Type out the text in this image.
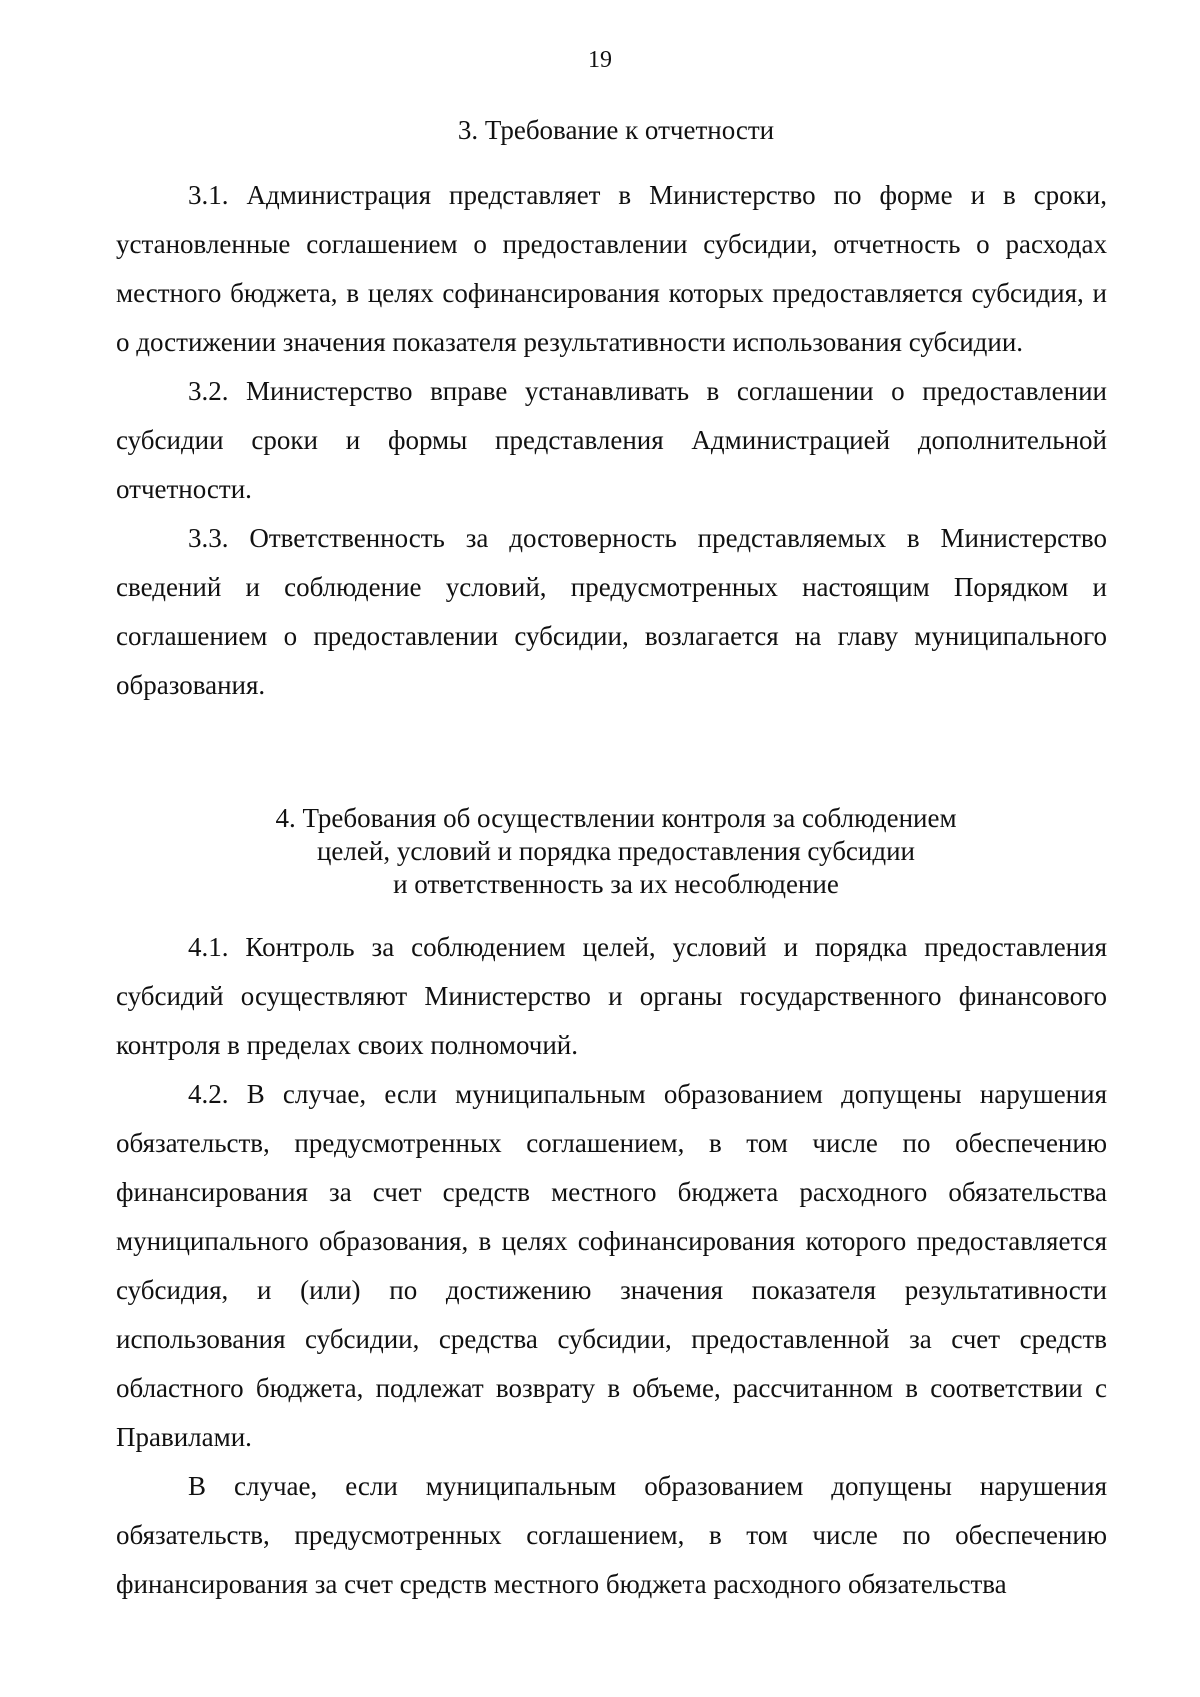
19
3. Требование к отчетности

3.1. Администрация представляет в Министерство по форме и в сроки, установленные соглашением о предоставлении субсидии, отчетность о расходах местного бюджета, в целях софинансирования которых предоставляется субсидия, и о достижении значения показателя результативности использования субсидии.

3.2. Министерство вправе устанавливать в соглашении о предоставлении субсидии сроки и формы представления Администрацией дополнительной отчетности.

3.3. Ответственность за достоверность представляемых в Министерство сведений и соблюдение условий, предусмотренных настоящим Порядком и соглашением о предоставлении субсидии, возлагается на главу муниципального образования.

4. Требования об осуществлении контроля за соблюдением
целей, условий и порядка предоставления субсидии
и ответственность за их несоблюдение

4.1. Контроль за соблюдением целей, условий и порядка предоставления субсидий осуществляют Министерство и органы государственного финансового контроля в пределах своих полномочий.

4.2. В случае, если муниципальным образованием допущены нарушения обязательств, предусмотренных соглашением, в том числе по обеспечению финансирования за счет средств местного бюджета расходного обязательства муниципального образования, в целях софинансирования которого предоставляется субсидия, и (или) по достижению значения показателя результативности использования субсидии, средства субсидии, предоставленной за счет средств областного бюджета, подлежат возврату в объеме, рассчитанном в соответствии с Правилами.

В случае, если муниципальным образованием допущены нарушения обязательств, предусмотренных соглашением, в том числе по обеспечению финансирования за счет средств местного бюджета расходного обязательства
